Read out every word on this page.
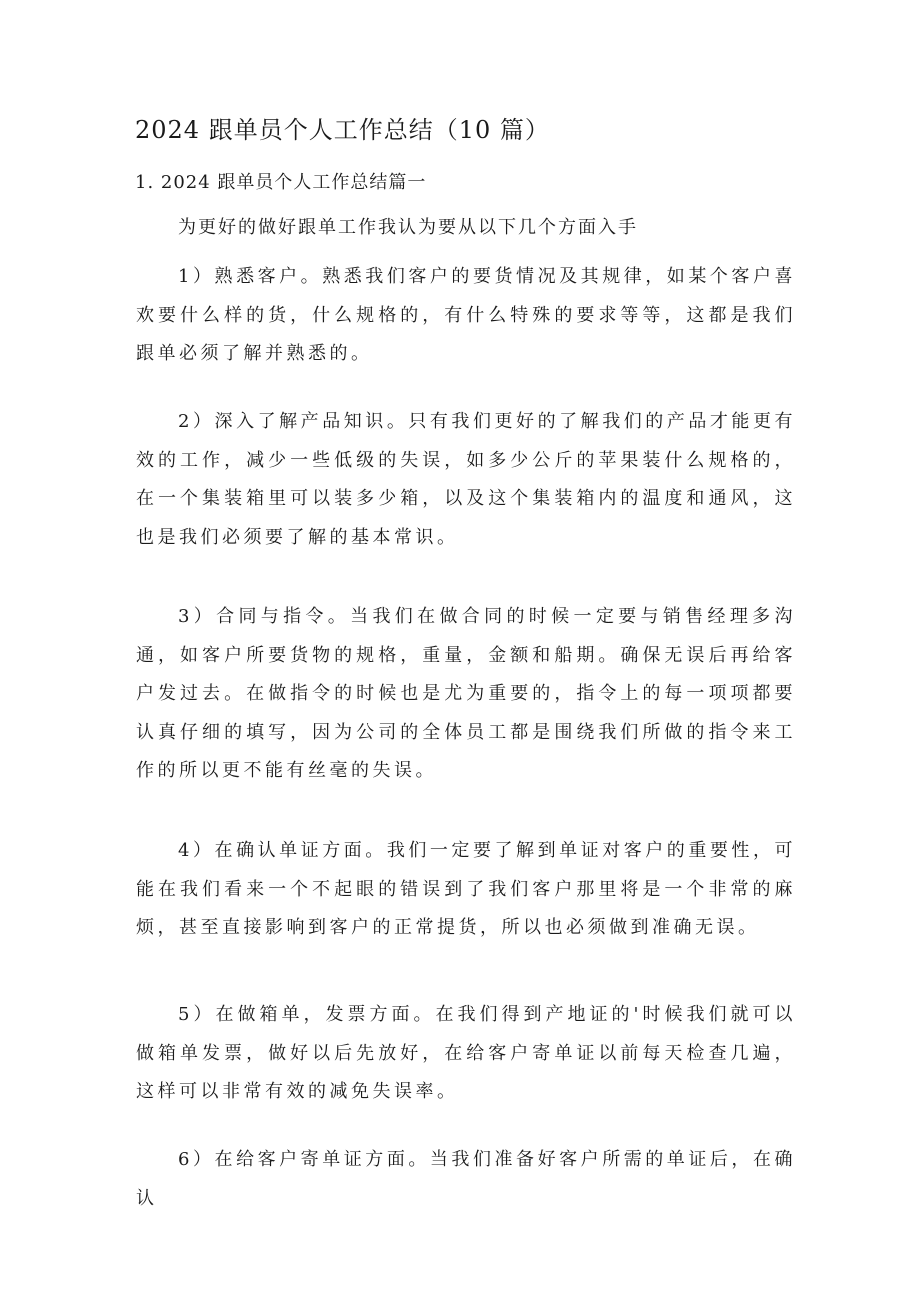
2024 跟单员个人工作总结（10 篇）
1. 2024 跟单员个人工作总结篇一
为更好的做好跟单工作我认为要从以下几个方面入手

1）熟悉客户。熟悉我们客户的要货情况及其规律，如某个客户喜欢要什么样的货，什么规格的，有什么特殊的要求等等，这都是我们跟单必须了解并熟悉的。

2）深入了解产品知识。只有我们更好的了解我们的产品才能更有效的工作，减少一些低级的失误，如多少公斤的苹果装什么规格的，在一个集装箱里可以装多少箱，以及这个集装箱内的温度和通风，这也是我们必须要了解的基本常识。

3）合同与指令。当我们在做合同的时候一定要与销售经理多沟通，如客户所要货物的规格，重量，金额和船期。确保无误后再给客户发过去。在做指令的时候也是尤为重要的，指令上的每一项项都要认真仔细的填写，因为公司的全体员工都是围绕我们所做的指令来工作的所以更不能有丝毫的失误。

4）在确认单证方面。我们一定要了解到单证对客户的重要性，可能在我们看来一个不起眼的错误到了我们客户那里将是一个非常的麻烦，甚至直接影响到客户的正常提货，所以也必须做到准确无误。

5）在做箱单，发票方面。在我们得到产地证的'时候我们就可以做箱单发票，做好以后先放好，在给客户寄单证以前每天检查几遍，这样可以非常有效的减免失误率。

6）在给客户寄单证方面。当我们准备好客户所需的单证后，在确认
